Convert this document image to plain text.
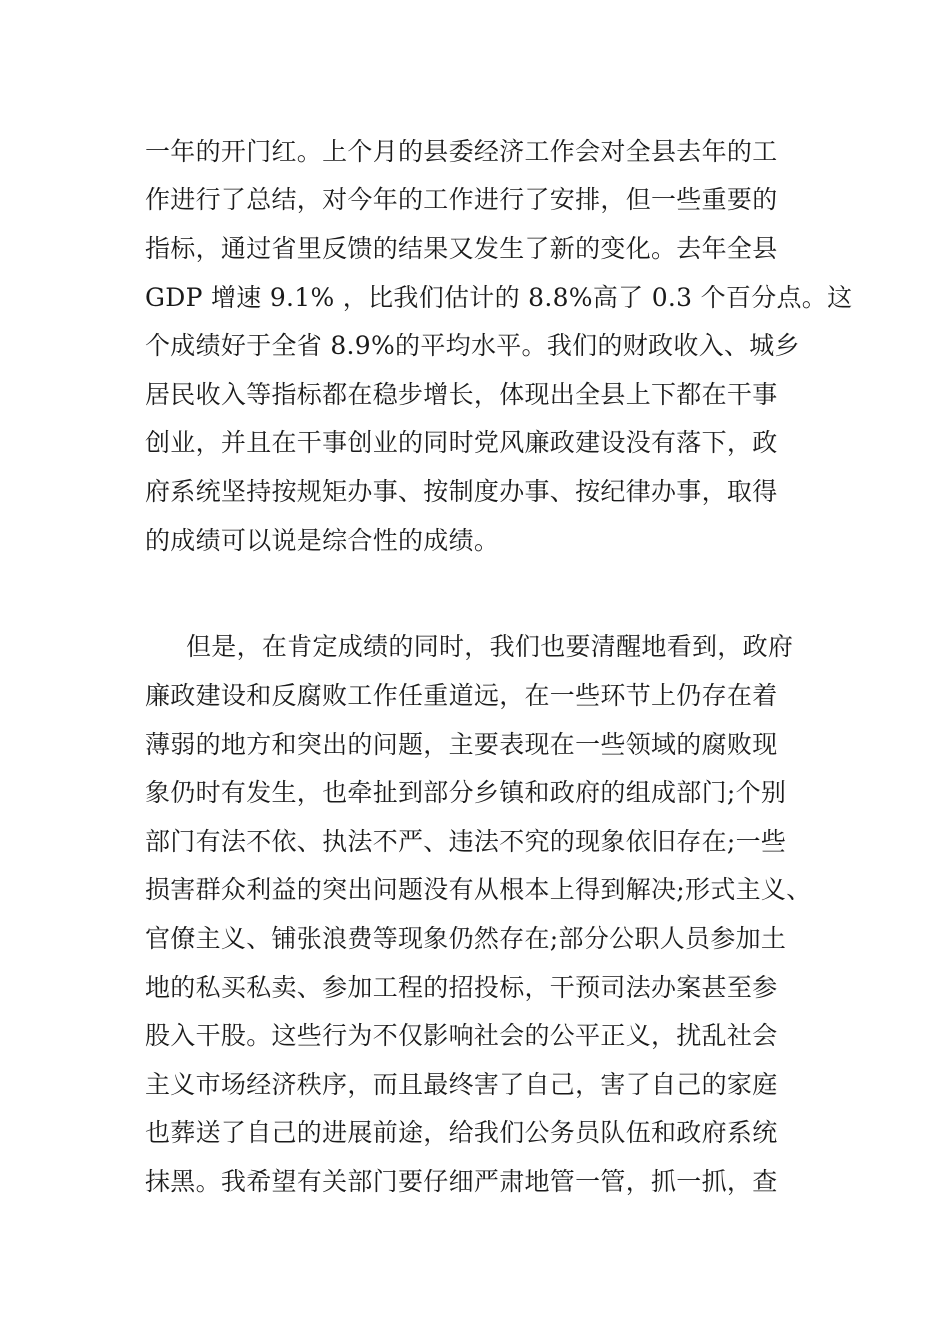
一年的开门红。上个月的县委经济工作会对全县去年的工
作进行了总结，对今年的工作进行了安排，但一些重要的
指标，通过省里反馈的结果又发生了新的变化。去年全县
GDP 增速 9.1% ，比我们估计的 8.8%高了 0.3 个百分点。这
个成绩好于全省 8.9%的平均水平。我们的财政收入、城乡
居民收入等指标都在稳步增长，体现出全县上下都在干事
创业，并且在干事创业的同时党风廉政建设没有落下，政
府系统坚持按规矩办事、按制度办事、按纪律办事，取得
的成绩可以说是综合性的成绩。
但是，在肯定成绩的同时，我们也要清醒地看到，政府
廉政建设和反腐败工作任重道远，在一些环节上仍存在着
薄弱的地方和突出的问题，主要表现在一些领域的腐败现
象仍时有发生，也牵扯到部分乡镇和政府的组成部门;个别
部门有法不依、执法不严、违法不究的现象依旧存在;一些
损害群众利益的突出问题没有从根本上得到解决;形式主义、
官僚主义、铺张浪费等现象仍然存在;部分公职人员参加土
地的私买私卖、参加工程的招投标，干预司法办案甚至参
股入干股。这些行为不仅影响社会的公平正义，扰乱社会
主义市场经济秩序，而且最终害了自己，害了自己的家庭
也葬送了自己的进展前途，给我们公务员队伍和政府系统
抹黑。我希望有关部门要仔细严肃地管一管，抓一抓，查
